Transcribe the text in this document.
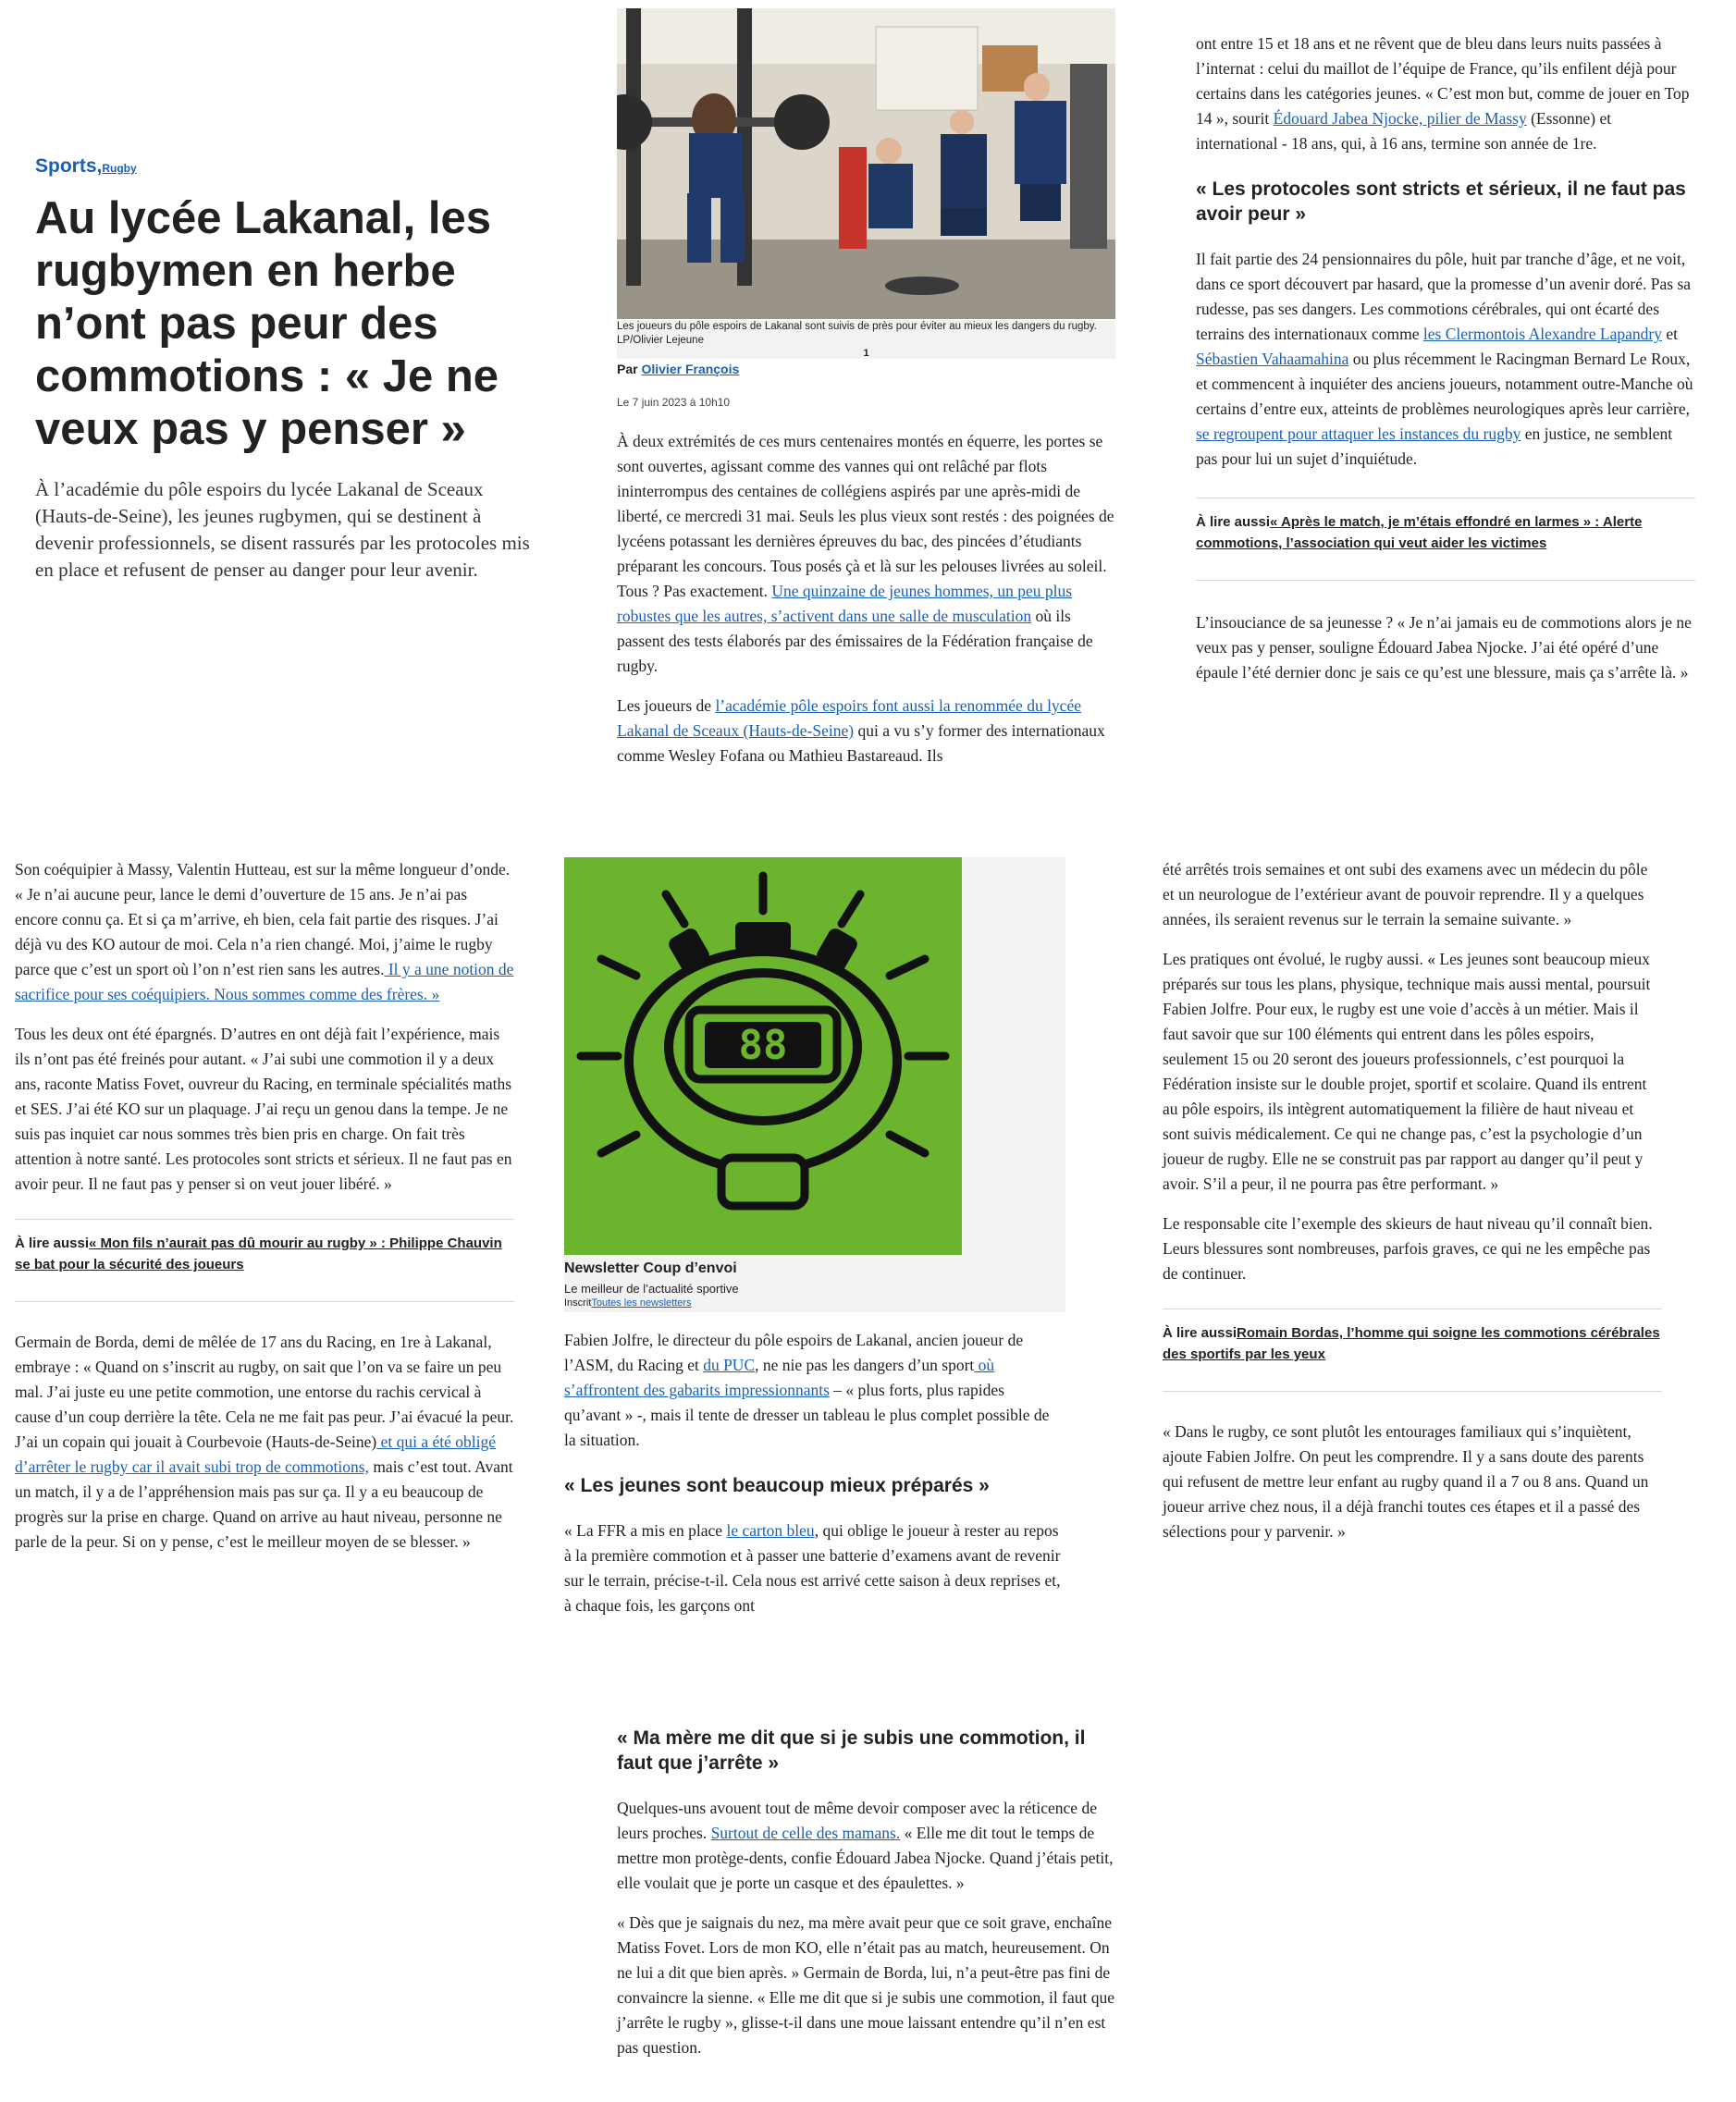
Sports,Rugby
Au lycée Lakanal, les rugbymen en herbe n’ont pas peur des commotions : « Je ne veux pas y penser »
À l’académie du pôle espoirs du lycée Lakanal de Sceaux (Hauts-de-Seine), les jeunes rugbymen, qui se destinent à devenir professionnels, se disent rassurés par les protocoles mis en place et refusent de penser au danger pour leur avenir.
Les joueurs du pôle espoirs de Lakanal sont suivis de près pour éviter au mieux les dangers du rugby.
LP/Olivier Lejeune
1
Par Olivier François
Le 7 juin 2023 à 10h10

À deux extrémités de ces murs centenaires montés en équerre, les portes se sont ouvertes, agissant comme des vannes qui ont relâché par flots ininterrompus des centaines de collégiens aspirés par une après-midi de liberté, ce mercredi 31 mai. Seuls les plus vieux sont restés : des poignées de lycéens potassant les dernières épreuves du bac, des pincées d’étudiants préparant les concours. Tous posés çà et là sur les pelouses livrées au soleil. Tous ? Pas exactement. Une quinzaine de jeunes hommes, un peu plus robustes que les autres, s’activent dans une salle de musculation où ils passent des tests élaborés par des émissaires de la Fédération française de rugby.

Les joueurs de l’académie pôle espoirs font aussi la renommée du lycée Lakanal de Sceaux (Hauts-de-Seine) qui a vu s’y former des internationaux comme Wesley Fofana ou Mathieu Bastareaud. Ils

ont entre 15 et 18 ans et ne rêvent que de bleu dans leurs nuits passées à l’internat : celui du maillot de l’équipe de France, qu’ils enfilent déjà pour certains dans les catégories jeunes. « C’est mon but, comme de jouer en Top 14 », sourit Édouard Jabea Njocke, pilier de Massy (Essonne) et international - 18 ans, qui, à 16 ans, termine son année de 1re.

« Les protocoles sont stricts et sérieux, il ne faut pas avoir peur »

Il fait partie des 24 pensionnaires du pôle, huit par tranche d’âge, et ne voit, dans ce sport découvert par hasard, que la promesse d’un avenir doré. Pas sa rudesse, pas ses dangers. Les commotions cérébrales, qui ont écarté des terrains des internationaux comme les Clermontois Alexandre Lapandry et Sébastien Vahaamahina ou plus récemment le Racingman Bernard Le Roux, et commencent à inquiéter des anciens joueurs, notamment outre-Manche où certains d’entre eux, atteints de problèmes neurologiques après leur carrière, se regroupent pour attaquer les instances du rugby en justice, ne semblent pas pour lui un sujet d’inquiétude.

À lire aussi« Après le match, je m’étais effondré en larmes » : Alerte commotions, l’association qui veut aider les victimes

L’insouciance de sa jeunesse ? « Je n’ai jamais eu de commotions alors je ne veux pas y penser, souligne Édouard Jabea Njocke. J’ai été opéré d’une épaule l’été dernier donc je sais ce qu’est une blessure, mais ça s’arrête là. »

Son coéquipier à Massy, Valentin Hutteau, est sur la même longueur d’onde. « Je n’ai aucune peur, lance le demi d’ouverture de 15 ans. Je n’ai pas encore connu ça. Et si ça m’arrive, eh bien, cela fait partie des risques. J’ai déjà vu des KO autour de moi. Cela n’a rien changé. Moi, j’aime le rugby parce que c’est un sport où l’on n’est rien sans les autres. Il y a une notion de sacrifice pour ses coéquipiers. Nous sommes comme des frères. »

Tous les deux ont été épargnés. D’autres en ont déjà fait l’expérience, mais ils n’ont pas été freinés pour autant. « J’ai subi une commotion il y a deux ans, raconte Matiss Fovet, ouvreur du Racing, en terminale spécialités maths et SES. J’ai été KO sur un plaquage. J’ai reçu un genou dans la tempe. Je ne suis pas inquiet car nous sommes très bien pris en charge. On fait très attention à notre santé. Les protocoles sont stricts et sérieux. Il ne faut pas en avoir peur. Il ne faut pas y penser si on veut jouer libéré. »

À lire aussi« Mon fils n’aurait pas dû mourir au rugby » : Philippe Chauvin se bat pour la sécurité des joueurs

Germain de Borda, demi de mêlée de 17 ans du Racing, en 1re à Lakanal, embraye : « Quand on s’inscrit au rugby, on sait que l’on va se faire un peu mal. J’ai juste eu une petite commotion, une entorse du rachis cervical à cause d’un coup derrière la tête. Cela ne me fait pas peur. J’ai évacué la peur. J’ai un copain qui jouait à Courbevoie (Hauts-de-Seine) et qui a été obligé d’arrêter le rugby car il avait subi trop de commotions, mais c’est tout. Avant un match, il y a de l’appréhension mais pas sur ça. Il y a eu beaucoup de progrès sur la prise en charge. Quand on arrive au haut niveau, personne ne parle de la peur. Si on y pense, c’est le meilleur moyen de se blesser. »

88
Newsletter Coup d’envoi
Le meilleur de l’actualité sportive
InscritToutes les newsletters

Fabien Jolfre, le directeur du pôle espoirs de Lakanal, ancien joueur de l’ASM, du Racing et du PUC, ne nie pas les dangers d’un sport où s’affrontent des gabarits impressionnants – « plus forts, plus rapides qu’avant » -, mais il tente de dresser un tableau le plus complet possible de la situation.

« Les jeunes sont beaucoup mieux préparés »

« La FFR a mis en place le carton bleu, qui oblige le joueur à rester au repos à la première commotion et à passer une batterie d’examens avant de revenir sur le terrain, précise-t-il. Cela nous est arrivé cette saison à deux reprises et, à chaque fois, les garçons ont

été arrêtés trois semaines et ont subi des examens avec un médecin du pôle et un neurologue de l’extérieur avant de pouvoir reprendre. Il y a quelques années, ils seraient revenus sur le terrain la semaine suivante. »

Les pratiques ont évolué, le rugby aussi. « Les jeunes sont beaucoup mieux préparés sur tous les plans, physique, technique mais aussi mental, poursuit Fabien Jolfre. Pour eux, le rugby est une voie d’accès à un métier. Mais il faut savoir que sur 100 éléments qui entrent dans les pôles espoirs, seulement 15 ou 20 seront des joueurs professionnels, c’est pourquoi la Fédération insiste sur le double projet, sportif et scolaire. Quand ils entrent au pôle espoirs, ils intègrent automatiquement la filière de haut niveau et sont suivis médicalement. Ce qui ne change pas, c’est la psychologie d’un joueur de rugby. Elle ne se construit pas par rapport au danger qu’il peut y avoir. S’il a peur, il ne pourra pas être performant. »

Le responsable cite l’exemple des skieurs de haut niveau qu’il connaît bien. Leurs blessures sont nombreuses, parfois graves, ce qui ne les empêche pas de continuer.

À lire aussiRomain Bordas, l’homme qui soigne les commotions cérébrales des sportifs par les yeux

« Dans le rugby, ce sont plutôt les entourages familiaux qui s’inquiètent, ajoute Fabien Jolfre. On peut les comprendre. Il y a sans doute des parents qui refusent de mettre leur enfant au rugby quand il a 7 ou 8 ans. Quand un joueur arrive chez nous, il a déjà franchi toutes ces étapes et il a passé des sélections pour y parvenir. »

« Ma mère me dit que si je subis une commotion, il faut que j’arrête »

Quelques-uns avouent tout de même devoir composer avec la réticence de leurs proches. Surtout de celle des mamans. « Elle me dit tout le temps de mettre mon protège-dents, confie Édouard Jabea Njocke. Quand j’étais petit, elle voulait que je porte un casque et des épaulettes. »

« Dès que je saignais du nez, ma mère avait peur que ce soit grave, enchaîne Matiss Fovet. Lors de mon KO, elle n’était pas au match, heureusement. On ne lui a dit que bien après. » Germain de Borda, lui, n’a peut-être pas fini de convaincre la sienne. « Elle me dit que si je subis une commotion, il faut que j’arrête le rugby », glisse-t-il dans une moue laissant entendre qu’il n’en est pas question.
